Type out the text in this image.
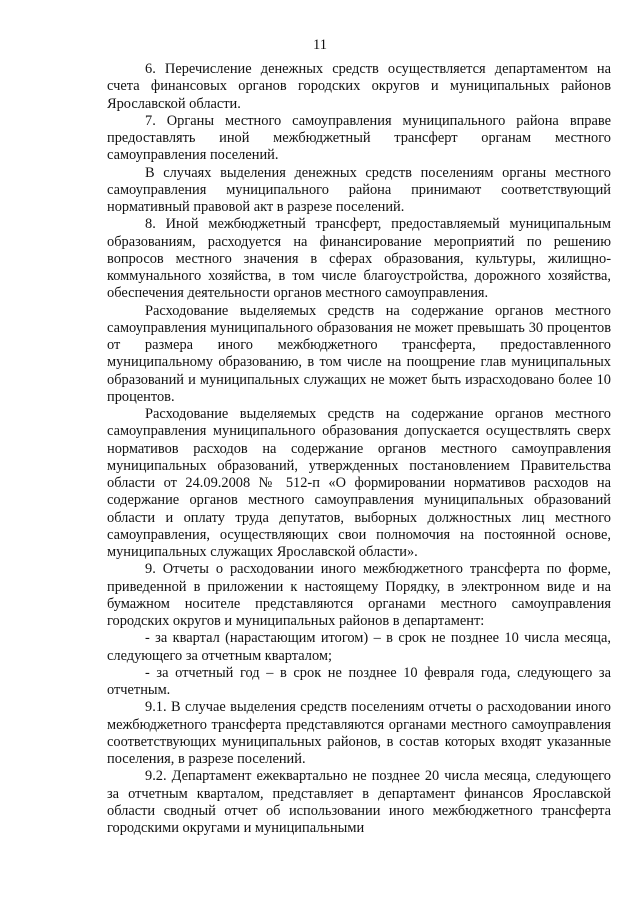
11

6. Перечисление денежных средств осуществляется департаментом на счета финансовых органов городских округов и муниципальных районов Ярославской области.

7. Органы местного самоуправления муниципального района вправе предоставлять иной межбюджетный трансферт органам местного самоуправления поселений.

В случаях выделения денежных средств поселениям органы местного самоуправления муниципального района принимают соответствующий нормативный правовой акт в разрезе поселений.

8. Иной межбюджетный трансферт, предоставляемый муниципальным образованиям, расходуется на финансирование мероприятий по решению вопросов местного значения в сферах образования, культуры, жилищно-коммунального хозяйства, в том числе благоустройства, дорожного хозяйства, обеспечения деятельности органов местного самоуправления.

Расходование выделяемых средств на содержание органов местного самоуправления муниципального образования не может превышать 30 процентов от размера иного межбюджетного трансферта, предоставленного муниципальному образованию, в том числе на поощрение глав муниципальных образований и муниципальных служащих не может быть израсходовано более 10 процентов.

Расходование выделяемых средств на содержание органов местного самоуправления муниципального образования допускается осуществлять сверх нормативов расходов на содержание органов местного самоуправления муниципальных образований, утвержденных постановлением Правительства области от 24.09.2008 № 512-п «О формировании нормативов расходов на содержание органов местного самоуправления муниципальных образований области и оплату труда депутатов, выборных должностных лиц местного самоуправления, осуществляющих свои полномочия на постоянной основе, муниципальных служащих Ярославской области».

9. Отчеты о расходовании иного межбюджетного трансферта по форме, приведенной в приложении к настоящему Порядку, в электронном виде и на бумажном носителе представляются органами местного самоуправления городских округов и муниципальных районов в департамент:

- за квартал (нарастающим итогом) – в срок не позднее 10 числа месяца, следующего за отчетным кварталом;

- за отчетный год – в срок не позднее 10 февраля года, следующего за отчетным.

9.1. В случае выделения средств поселениям отчеты о расходовании иного межбюджетного трансферта представляются органами местного самоуправления соответствующих муниципальных районов, в состав которых входят указанные поселения, в разрезе поселений.

9.2. Департамент ежеквартально не позднее 20 числа месяца, следующего за отчетным кварталом, представляет в департамент финансов Ярославской области сводный отчет об использовании иного межбюджетного трансферта городскими округами и муниципальными
